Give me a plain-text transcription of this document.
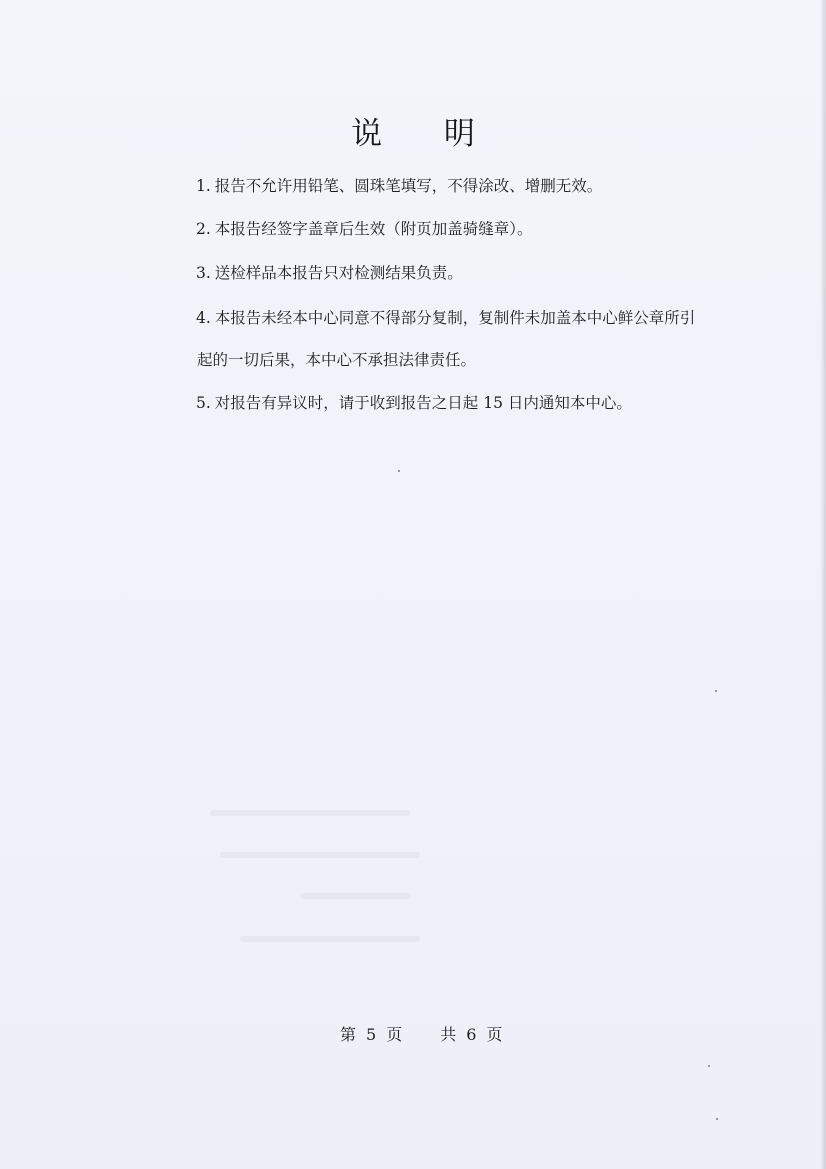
说 明
1. 报告不允许用铅笔、圆珠笔填写，不得涂改、增删无效。
2. 本报告经签字盖章后生效（附页加盖骑缝章）。
3. 送检样品本报告只对检测结果负责。
4. 本报告未经本中心同意不得部分复制，复制件未加盖本中心鲜公章所引
起的一切后果，本中心不承担法律责任。
5. 对报告有异议时，请于收到报告之日起 15 日内通知本中心。
第 5 页 共 6 页
